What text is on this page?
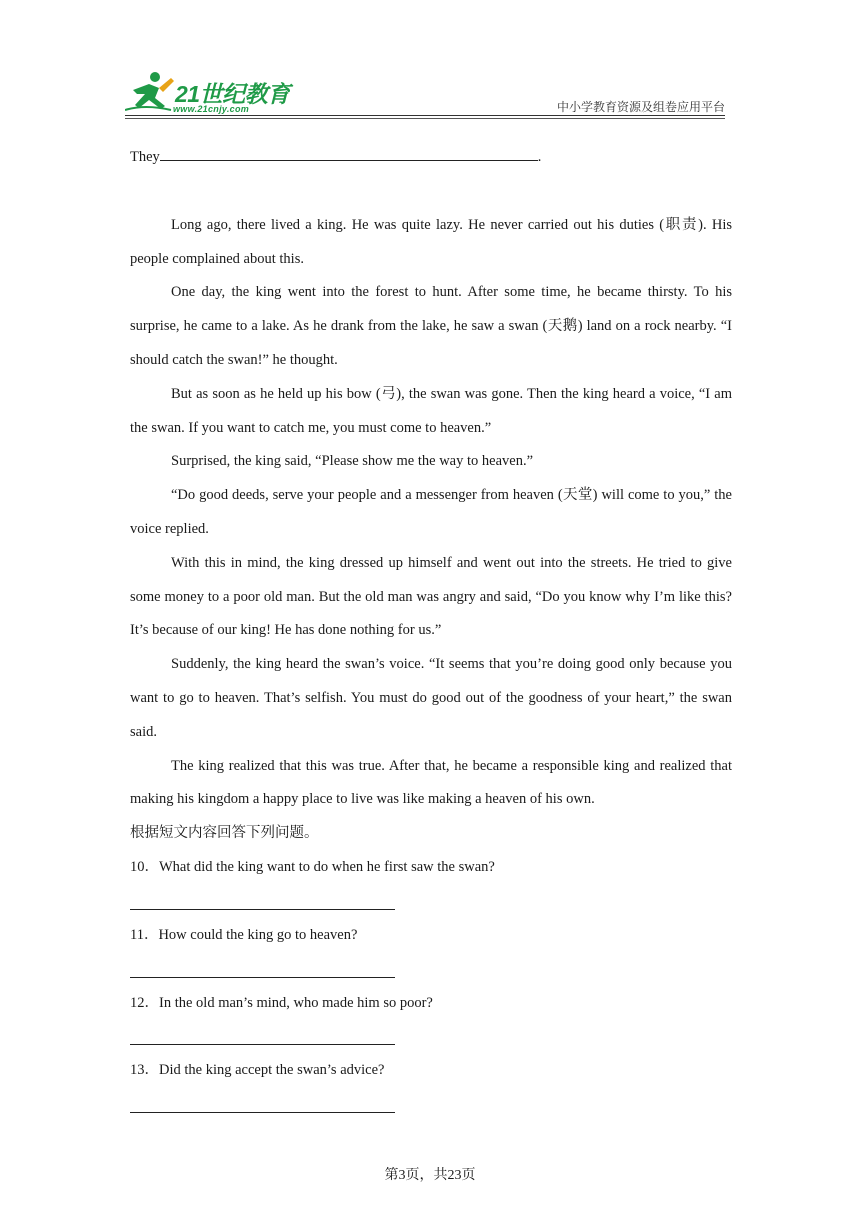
21世纪教育
www.21cnjy.com	中小学教育资源及组卷应用平台
They	.

Long ago, there lived a king. He was quite lazy. He never carried out his duties (职责). His people complained about this.

One day, the king went into the forest to hunt. After some time, he became thirsty. To his surprise, he came to a lake. As he drank from the lake, he saw a swan (天鹅) land on a rock nearby. “I should catch the swan!” he thought.

But as soon as he held up his bow (弓), the swan was gone. Then the king heard a voice, “I am the swan. If you want to catch me, you must come to heaven.”

Surprised, the king said, “Please show me the way to heaven.”

“Do good deeds, serve your people and a messenger from heaven (天堂) will come to you,” the voice replied.

With this in mind, the king dressed up himself and went out into the streets. He tried to give some money to a poor old man. But the old man was angry and said, “Do you know why I’m like this? It’s because of our king! He has done nothing for us.”

Suddenly, the king heard the swan’s voice. “It seems that you’re doing good only because you want to go to heaven. That’s selfish. You must do good out of the goodness of your heart,” the swan said.

The king realized that this was true. After that, he became a responsible king and realized that making his kingdom a happy place to live was like making a heaven of his own.

根据短文内容回答下列问题。

10．What did the king want to do when he first saw the swan?

11．How could the king go to heaven?

12．In the old man’s mind, who made him so poor?

13．Did the king accept the swan’s advice?

第3页，共23页
